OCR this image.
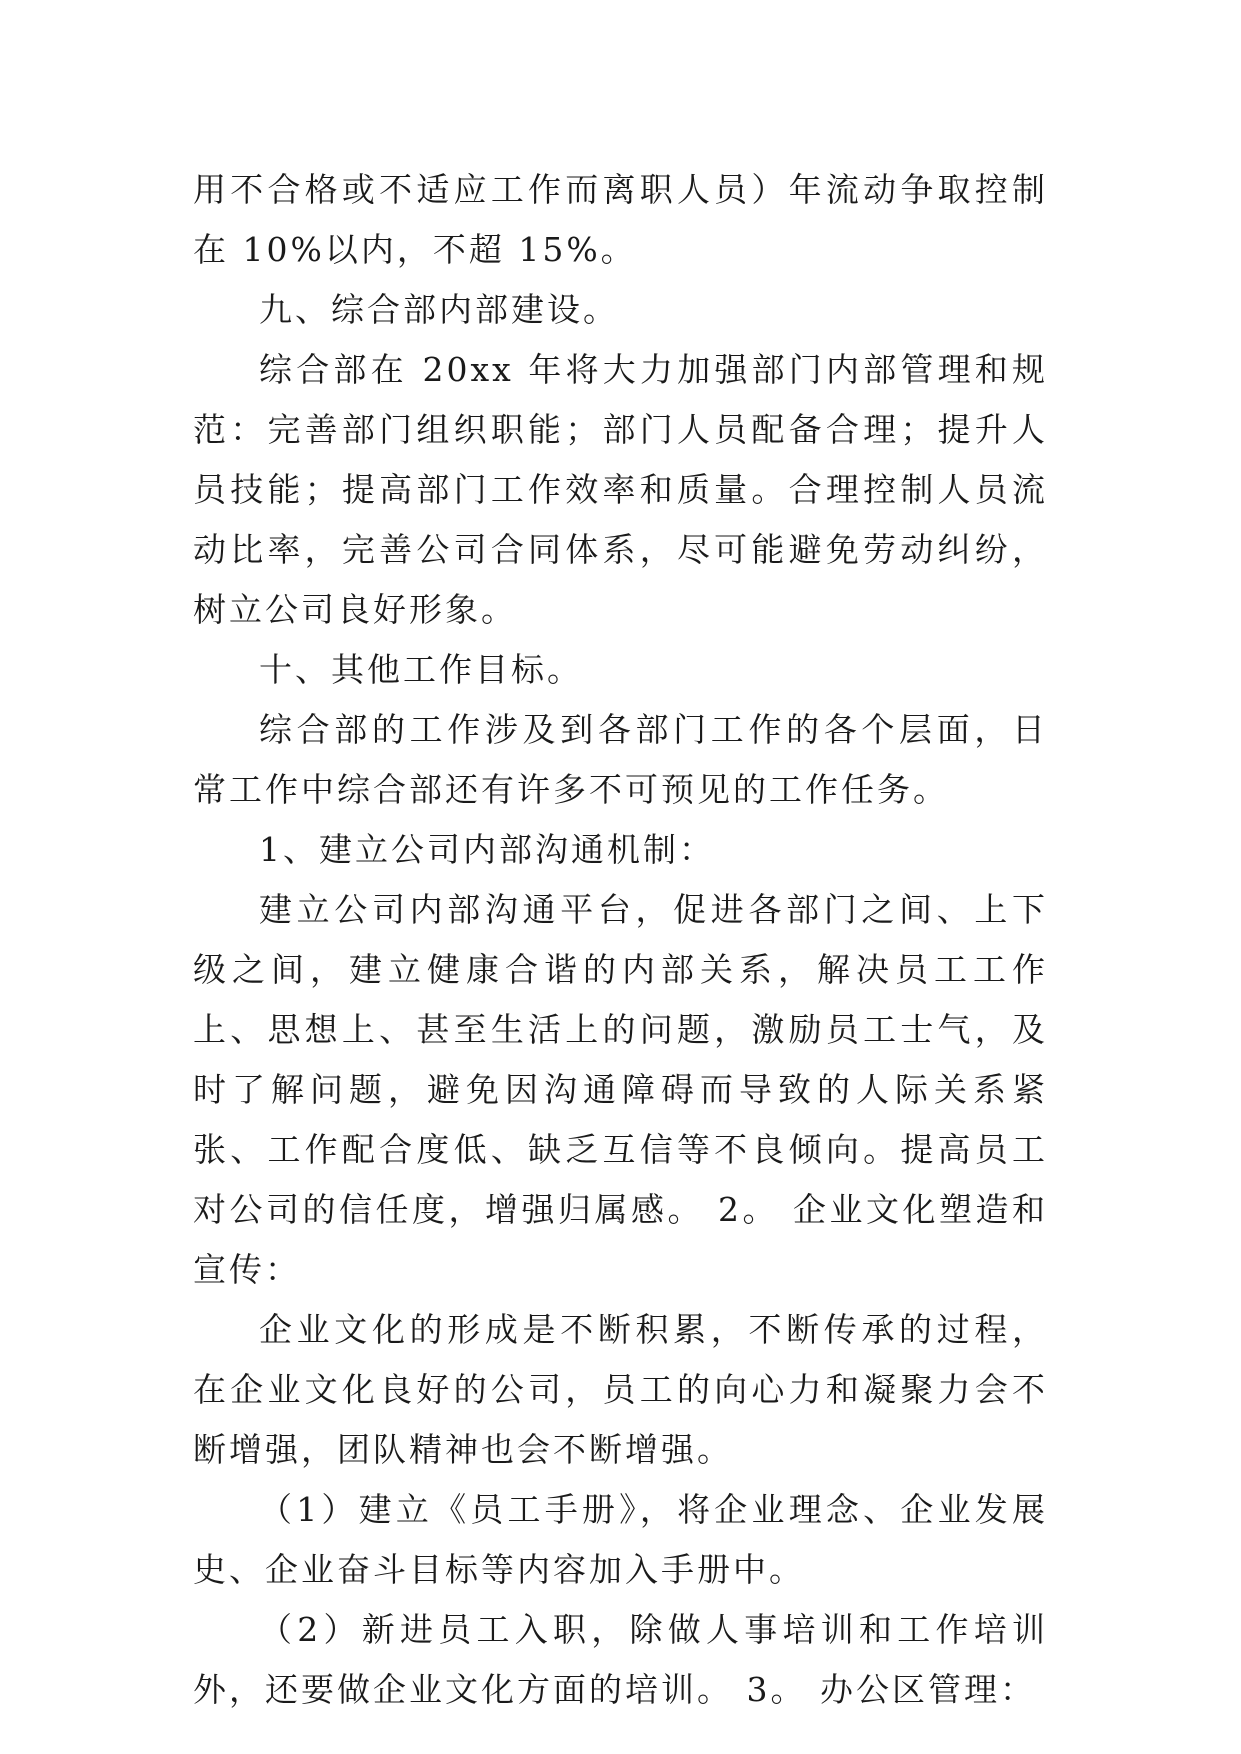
用不合格或不适应工作而离职人员）年流动争取控制在 10%以内，不超 15%。

九、综合部内部建设。

综合部在 20xx 年将大力加强部门内部管理和规范：完善部门组织职能；部门人员配备合理；提升人员技能；提高部门工作效率和质量。合理控制人员流动比率，完善公司合同体系，尽可能避免劳动纠纷，树立公司良好形象。

十、其他工作目标。

综合部的工作涉及到各部门工作的各个层面，日常工作中综合部还有许多不可预见的工作任务。

1、建立公司内部沟通机制：

建立公司内部沟通平台，促进各部门之间、上下级之间，建立健康合谐的内部关系，解决员工工作上、思想上、甚至生活上的问题，激励员工士气，及时了解问题，避免因沟通障碍而导致的人际关系紧张、工作配合度低、缺乏互信等不良倾向。提高员工对公司的信任度，增强归属感。 2。 企业文化塑造和宣传：

企业文化的形成是不断积累，不断传承的过程，在企业文化良好的公司，员工的向心力和凝聚力会不断增强，团队精神也会不断增强。

（1）建立《员工手册》，将企业理念、企业发展史、企业奋斗目标等内容加入手册中。

（2）新进员工入职，除做人事培训和工作培训外，还要做企业文化方面的培训。 3。 办公区管理：
